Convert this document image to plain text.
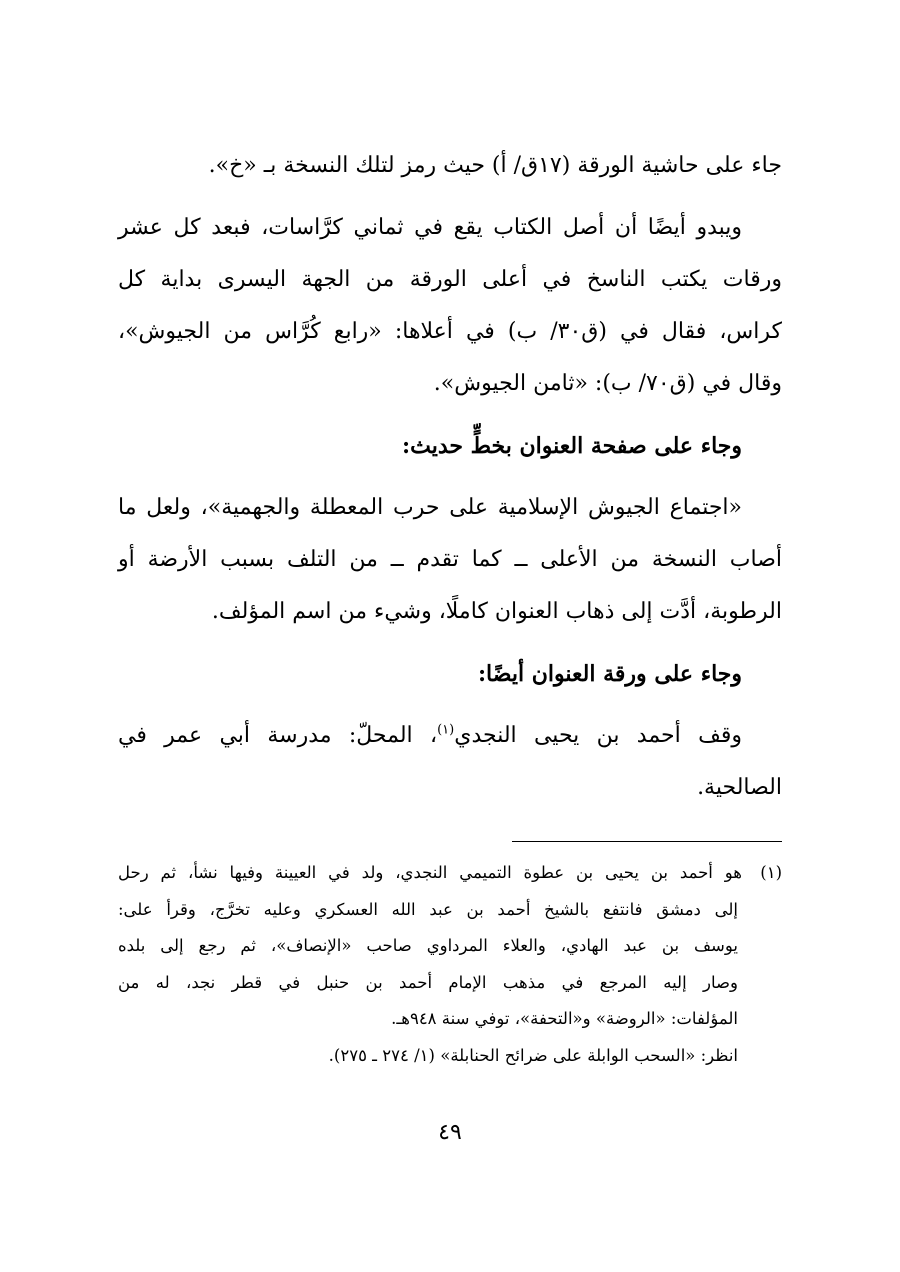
جاء على حاشية الورقة (١٧ق/ أ) حيث رمز لتلك النسخة بـ «خ».
ويبدو أيضًا أن أصل الكتاب يقع في ثماني كرَّاسات، فبعد كل عشر
ورقات يكتب الناسخ في أعلى الورقة من الجهة اليسرى بداية كل
كراس، فقال في (ق٣٠/ ب) في أعلاها: «رابع كُرَّاس من الجيوش»،
وقال في (ق٧٠/ ب): «ثامن الجيوش».
وجاء على صفحة العنوان بخطٍّ حديث:
«اجتماع الجيوش الإسلامية على حرب المعطلة والجهمية»، ولعل ما
أصاب النسخة من الأعلى ــ كما تقدم ــ من التلف بسبب الأرضة أو
الرطوبة، أدَّت إلى ذهاب العنوان كاملًا، وشيء من اسم المؤلف.
وجاء على ورقة العنوان أيضًا:
وقف أحمد بن يحيى النجدي$^{(١)}$، المحلّ: مدرسة أبي عمر في
الصالحية.
(١)هو أحمد بن يحيى بن عطوة التميمي النجدي، ولد في العيينة وفيها نشأ، ثم رحل
إلى دمشق فانتفع بالشيخ أحمد بن عبد الله العسكري وعليه تخرَّج، وقرأ على:
يوسف بن عبد الهادي، والعلاء المرداوي صاحب «الإنصاف»، ثم رجع إلى بلده
وصار إليه المرجع في مذهب الإمام أحمد بن حنبل في قطر نجد، له من
المؤلفات: «الروضة» و«التحفة»، توفي سنة ٩٤٨هـ.
انظر: «السحب الوابلة على ضرائح الحنابلة» (١/ ٢٧٤ ـ ٢٧٥).
٤٩
